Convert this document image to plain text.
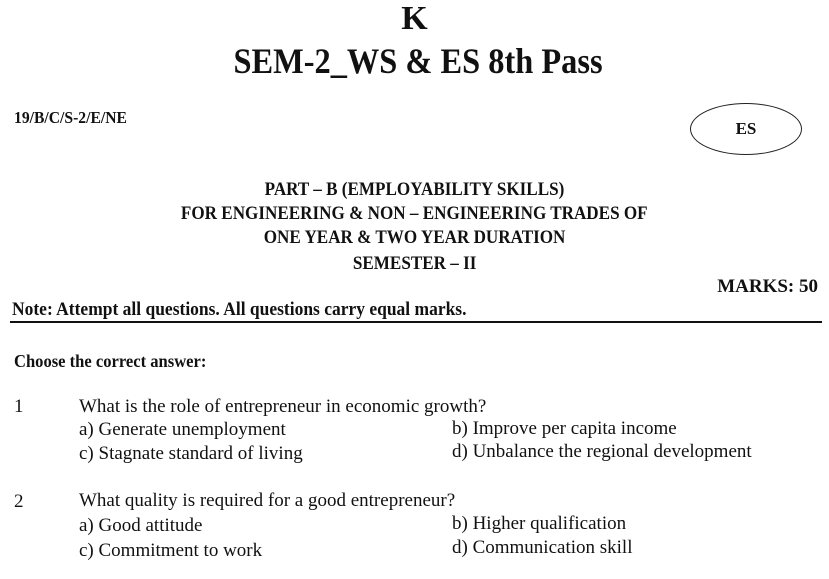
K
SEM-2_WS & ES 8th Pass
19/B/C/S-2/E/NE
ES
PART – B (EMPLOYABILITY SKILLS)
FOR ENGINEERING & NON – ENGINEERING TRADES OF
ONE YEAR & TWO YEAR DURATION
SEMESTER – II
MARKS: 50
Note: Attempt all questions. All questions carry equal marks.
Choose the correct answer:
1	What is the role of entrepreneur in economic growth?
a) Generate unemployment	b) Improve per capita income
c) Stagnate standard of living	d) Unbalance the regional development
2	What quality is required for a good entrepreneur?
a) Good attitude	b) Higher qualification
c) Commitment to work	d) Communication skill
